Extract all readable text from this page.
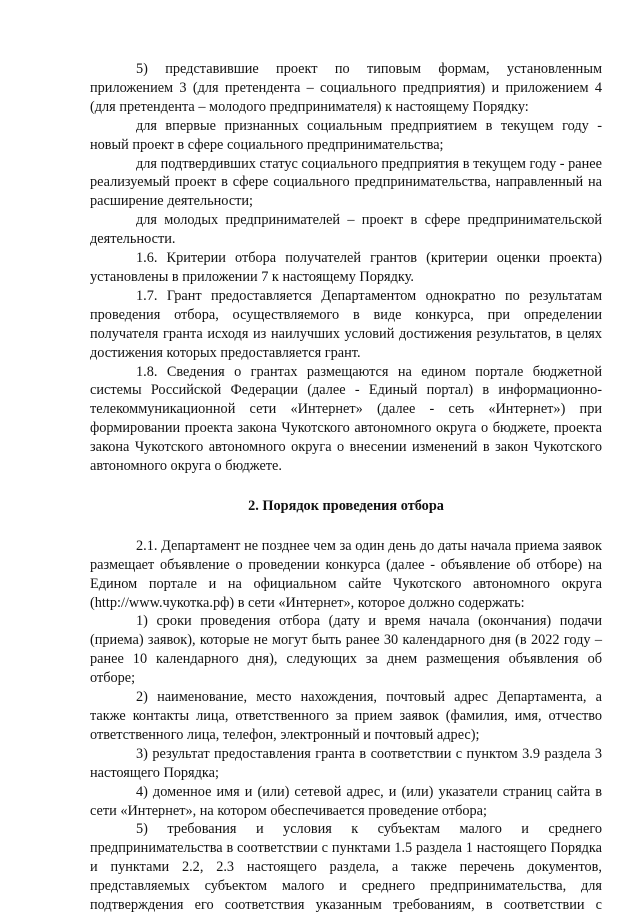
5) представившие проект по типовым формам, установленным приложением 3 (для претендента – социального предприятия) и приложением 4 (для претендента – молодого предпринимателя) к настоящему Порядку:

для впервые признанных социальным предприятием в текущем году - новый проект в сфере социального предпринимательства;

для подтвердивших статус социального предприятия в текущем году - ранее реализуемый проект в сфере социального предпринимательства, направленный на расширение деятельности;

для молодых предпринимателей – проект в сфере предпринимательской деятельности.

1.6. Критерии отбора получателей грантов (критерии оценки проекта) установлены в приложении 7 к настоящему Порядку.

1.7. Грант предоставляется Департаментом однократно по результатам проведения отбора, осуществляемого в виде конкурса, при определении получателя гранта исходя из наилучших условий достижения результатов, в целях достижения которых предоставляется грант.

1.8. Сведения о грантах размещаются на едином портале бюджетной системы Российской Федерации (далее - Единый портал) в информационно-телекоммуникационной сети «Интернет» (далее - сеть «Интернет») при формировании проекта закона Чукотского автономного округа о бюджете, проекта закона Чукотского автономного округа о внесении изменений в закон Чукотского автономного округа о бюджете.

2. Порядок проведения отбора

2.1. Департамент не позднее чем за один день до даты начала приема заявок размещает объявление о проведении конкурса (далее - объявление об отборе) на Едином портале и на официальном сайте Чукотского автономного округа (http://www.чукотка.рф) в сети «Интернет», которое должно содержать:

1) сроки проведения отбора (дату и время начала (окончания) подачи (приема) заявок), которые не могут быть ранее 30 календарного дня (в 2022 году – ранее 10 календарного дня), следующих за днем размещения объявления об отборе;

2) наименование, место нахождения, почтовый адрес Департамента, а также контакты лица, ответственного за прием заявок (фамилия, имя, отчество ответственного лица, телефон, электронный и почтовый адрес);

3) результат предоставления гранта в соответствии с пунктом 3.9 раздела 3 настоящего Порядка;

4) доменное имя и (или) сетевой адрес, и (или) указатели страниц сайта в сети «Интернет», на котором обеспечивается проведение отбора;

5) требования и условия к субъектам малого и среднего предпринимательства в соответствии с пунктами 1.5 раздела 1 настоящего Порядка и пунктами 2.2, 2.3 настоящего раздела, а также перечень документов, представляемых субъектом малого и среднего предпринимательства, для подтверждения его соответствия указанным требованиям, в соответствии с
